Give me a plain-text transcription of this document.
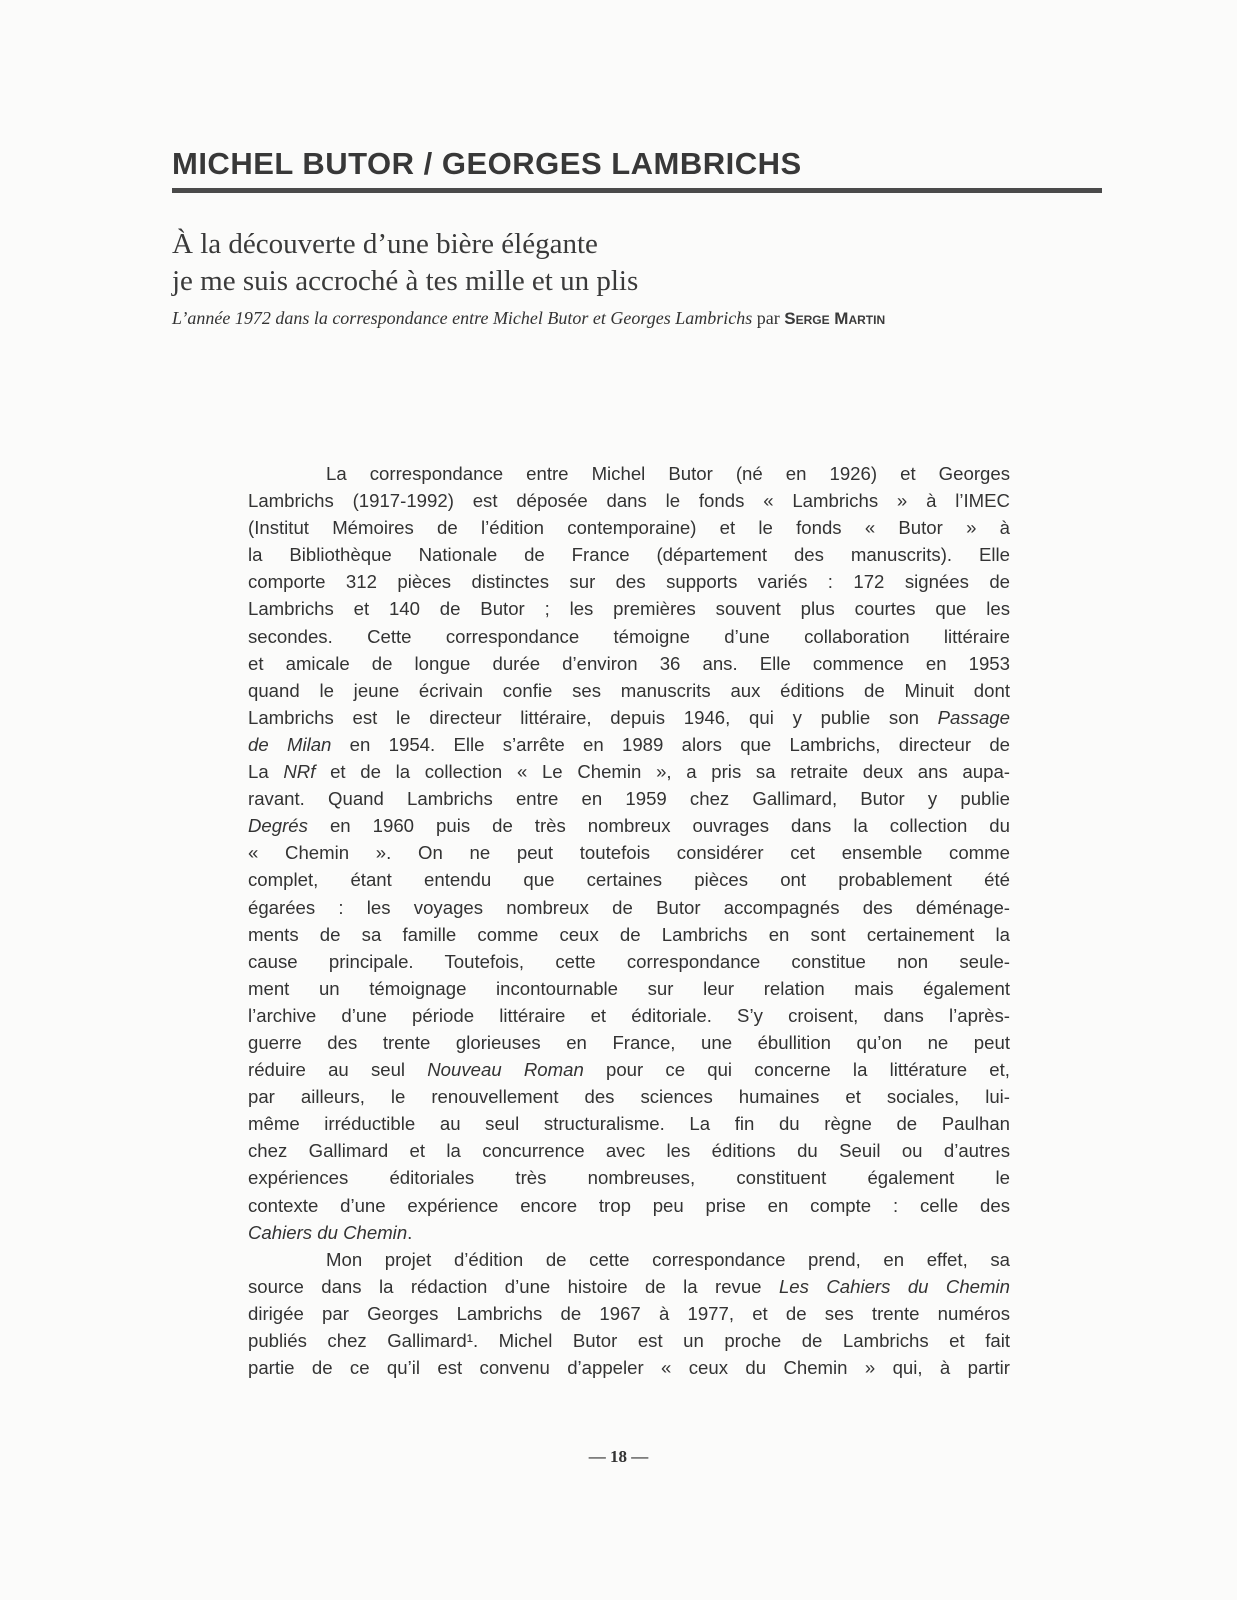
MICHEL BUTOR / GEORGES LAMBRICHS
À la découverte d’une bière élégante
je me suis accroché à tes mille et un plis
L’année 1972 dans la correspondance entre Michel Butor et Georges Lambrichs par Serge Martin
La correspondance entre Michel Butor (né en 1926) et Georges
Lambrichs (1917-1992) est déposée dans le fonds « Lambrichs » à l’IMEC
(Institut Mémoires de l’édition contemporaine) et le fonds « Butor » à
la Bibliothèque Nationale de France (département des manuscrits). Elle
comporte 312 pièces distinctes sur des supports variés : 172 signées de
Lambrichs et 140 de Butor ; les premières souvent plus courtes que les
secondes. Cette correspondance témoigne d’une collaboration littéraire
et amicale de longue durée d’environ 36 ans. Elle commence en 1953
quand le jeune écrivain confie ses manuscrits aux éditions de Minuit dont
Lambrichs est le directeur littéraire, depuis 1946, qui y publie son Passage
de Milan en 1954. Elle s’arrête en 1989 alors que Lambrichs, directeur de
La NRf et de la collection « Le Chemin », a pris sa retraite deux ans aupa-
ravant. Quand Lambrichs entre en 1959 chez Gallimard, Butor y publie
Degrés en 1960 puis de très nombreux ouvrages dans la collection du
« Chemin ». On ne peut toutefois considérer cet ensemble comme
complet, étant entendu que certaines pièces ont probablement été
égarées : les voyages nombreux de Butor accompagnés des déménage-
ments de sa famille comme ceux de Lambrichs en sont certainement la
cause principale. Toutefois, cette correspondance constitue non seule-
ment un témoignage incontournable sur leur relation mais également
l’archive d’une période littéraire et éditoriale. S’y croisent, dans l’après-
guerre des trente glorieuses en France, une ébullition qu’on ne peut
réduire au seul Nouveau Roman pour ce qui concerne la littérature et,
par ailleurs, le renouvellement des sciences humaines et sociales, lui-
même irréductible au seul structuralisme. La fin du règne de Paulhan
chez Gallimard et la concurrence avec les éditions du Seuil ou d’autres
expériences éditoriales très nombreuses, constituent également le
contexte d’une expérience encore trop peu prise en compte : celle des
Cahiers du Chemin.
Mon projet d’édition de cette correspondance prend, en effet, sa
source dans la rédaction d’une histoire de la revue Les Cahiers du Chemin
dirigée par Georges Lambrichs de 1967 à 1977, et de ses trente numéros
publiés chez Gallimard¹. Michel Butor est un proche de Lambrichs et fait
partie de ce qu’il est convenu d’appeler « ceux du Chemin » qui, à partir
— 18 —
